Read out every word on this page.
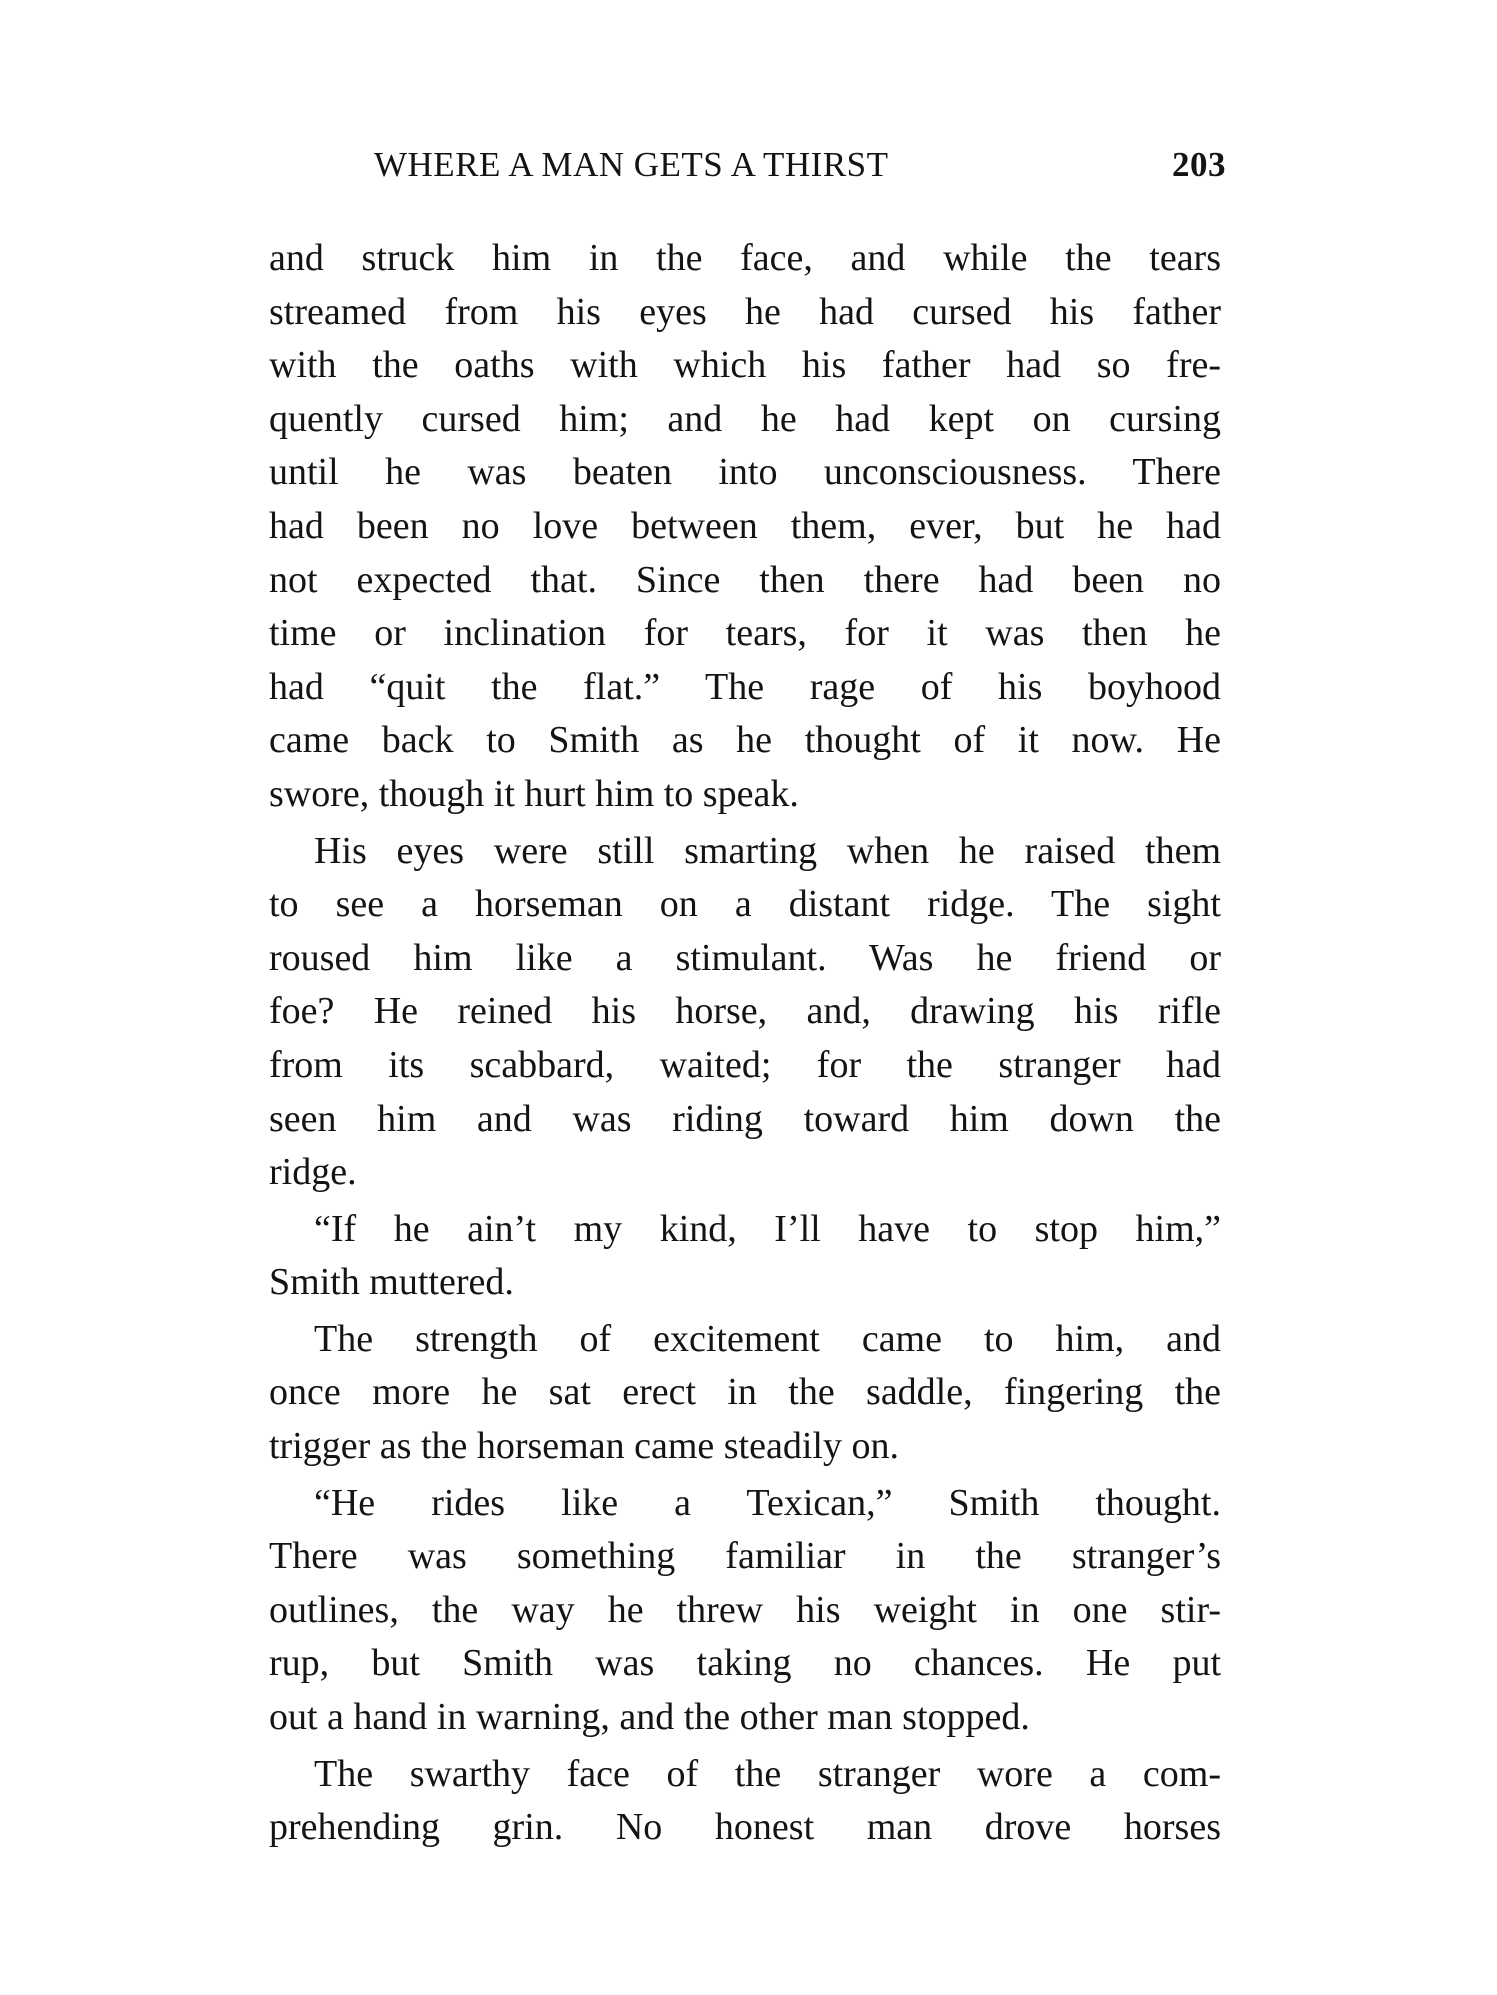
WHERE A MAN GETS A THIRST	203
and struck him in the face, and while the tears
streamed from his eyes he had cursed his father
with the oaths with which his father had so fre-
quently cursed him; and he had kept on cursing
until he was beaten into unconsciousness. There
had been no love between them, ever, but he had
not expected that. Since then there had been no
time or inclination for tears, for it was then he
had “quit the flat.” The rage of his boyhood
came back to Smith as he thought of it now. He
swore, though it hurt him to speak.
His eyes were still smarting when he raised them
to see a horseman on a distant ridge. The sight
roused him like a stimulant. Was he friend or
foe? He reined his horse, and, drawing his rifle
from its scabbard, waited; for the stranger had
seen him and was riding toward him down the
ridge.
“If he ain’t my kind, I’ll have to stop him,”
Smith muttered.
The strength of excitement came to him, and
once more he sat erect in the saddle, fingering the
trigger as the horseman came steadily on.
“He rides like a Texican,” Smith thought.
There was something familiar in the stranger’s
outlines, the way he threw his weight in one stir-
rup, but Smith was taking no chances. He put
out a hand in warning, and the other man stopped.
The swarthy face of the stranger wore a com-
prehending grin. No honest man drove horses
